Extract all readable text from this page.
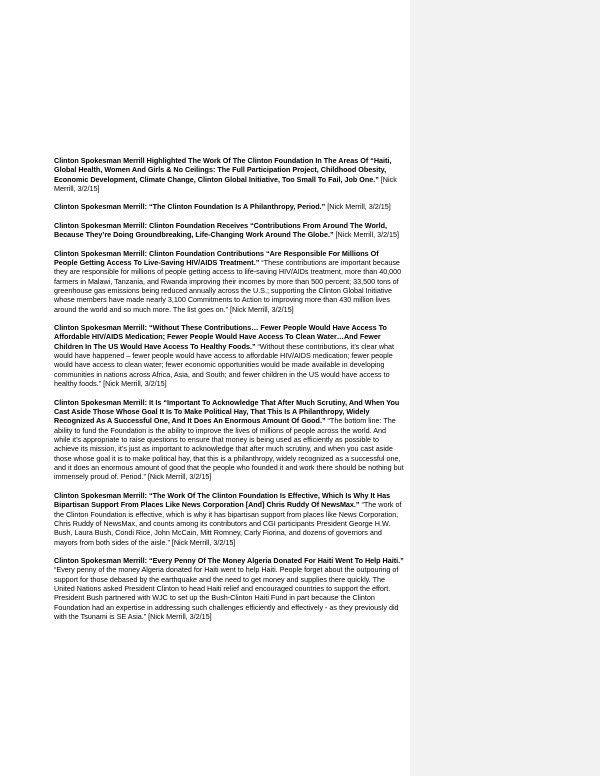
Clinton Spokesman Merrill Highlighted The Work Of The Clinton Foundation In The Areas Of “Haiti, Global Health, Women And Girls & No Ceilings: The Full Participation Project, Childhood Obesity, Economic Development, Climate Change, Clinton Global Initiative, Too Small To Fail, Job One.” [Nick Merrill, 3/2/15]

Clinton Spokesman Merrill: “The Clinton Foundation Is A Philanthropy, Period.” [Nick Merrill, 3/2/15]

Clinton Spokesman Merrill: Clinton Foundation Receives “Contributions From Around The World, Because They’re Doing Groundbreaking, Life-Changing Work Around The Globe.” [Nick Merrill, 3/2/15]

Clinton Spokesman Merrill: Clinton Foundation Contributions “Are Responsible For Millions Of People Getting Access To Live-Saving HIV/AIDS Treatment.” “These contributions are important because they are responsible for millions of people getting access to life-saving HIV/AIDs treatment, more than 40,000 farmers in Malawi, Tanzania, and Rwanda improving their incomes by more than 500 percent; 33,500 tons of greenhouse gas emissions being reduced annually across the U.S.; supporting the Clinton Global Initiative whose members have made nearly 3,100 Commitments to Action to improving more than 430 million lives around the world and so much more. The list goes on.” [Nick Merrill, 3/2/15]

Clinton Spokesman Merrill: “Without These Contributions… Fewer People Would Have Access To Affordable HIV/AIDS Medication; Fewer People Would Have Access To Clean Water…And Fewer Children In The US Would Have Access To Healthy Foods.” “Without these contributions, it’s clear what would have happened – fewer people would have access to affordable HIV/AIDS medication; fewer people would have access to clean water; fewer economic opportunities would be made available in developing communities in nations across Africa, Asia, and South; and fewer children in the US would have access to healthy foods.” [Nick Merrill, 3/2/15]

Clinton Spokesman Merrill: It Is “Important To Acknowledge That After Much Scrutiny, And When You Cast Aside Those Whose Goal It Is To Make Political Hay, That This Is A Philanthropy, Widely Recognized As A Successful One, And It Does An Enormous Amount Of Good.” “The bottom line: The ability to fund the Foundation is the ability to improve the lives of millions of people across the world. And while it’s appropriate to raise questions to ensure that money is being used as efficiently as possible to achieve its mission, it’s just as important to acknowledge that after much scrutiny, and when you cast aside those whose goal it is to make political hay, that this is a philanthropy, widely recognized as a successful one, and it does an enormous amount of good that the people who founded it and work there should be nothing but immensely proud of. Period.” [Nick Merrill, 3/2/15]

Clinton Spokesman Merrill: “The Work Of The Clinton Foundation Is Effective, Which Is Why It Has Bipartisan Support From Places Like News Corporation [And] Chris Ruddy Of NewsMax.” “The work of the Clinton Foundation is effective, which is why it has bipartisan support from places like News Corporation, Chris Ruddy of NewsMax, and counts among its contributors and CGI participants President George H.W. Bush, Laura Bush, Condi Rice, John McCain, Mitt Romney, Carly Fiorina, and dozens of governors and mayors from both sides of the aisle.” [Nick Merrill, 3/2/15]

Clinton Spokesman Merrill: “Every Penny Of The Money Algeria Donated For Haiti Went To Help Haiti.” “Every penny of the money Algeria donated for Haiti went to help Haiti. People forget about the outpouring of support for those debased by the earthquake and the need to get money and supplies there quickly. The United Nations asked President Clinton to head Haiti relief and encouraged countries to support the effort. President Bush partnered with WJC to set up the Bush-Clinton Haiti Fund in part because the Clinton Foundation had an expertise in addressing such challenges efficiently and effectively - as they previously did with the Tsunami is SE Asia.” [Nick Merrill, 3/2/15]
